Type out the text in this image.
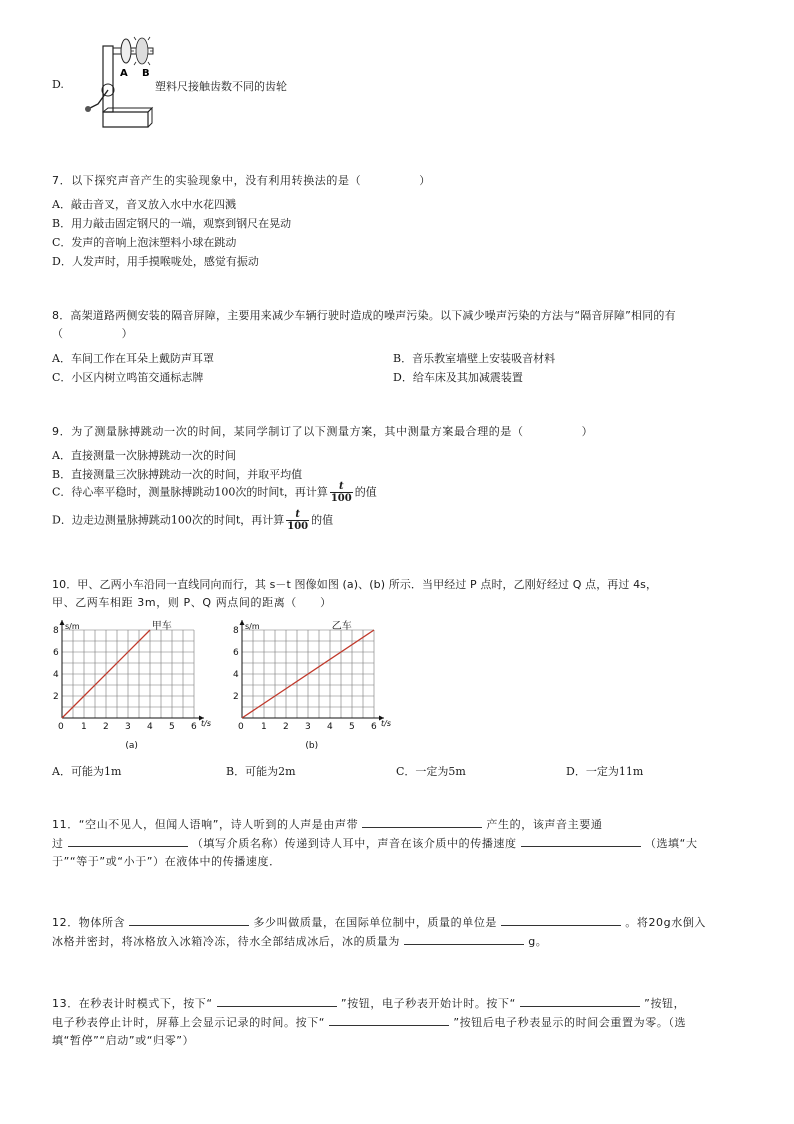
D.
A B
塑料尺接触齿数不同的齿轮
7．以下探究声音产生的实验现象中，没有利用转换法的是（　　　　　）
A．敲击音叉，音叉放入水中水花四溅
B．用力敲击固定钢尺的一端，观察到钢尺在晃动
C．发声的音响上泡沫塑料小球在跳动
D．人发声时，用手摸喉咙处，感觉有振动
8．高架道路两侧安装的隔音屏障，主要用来减少车辆行驶时造成的噪声污染。以下减少噪声污染的方法与“隔音屏障”相同的有
（　　　　　）
A．车间工作在耳朵上戴防声耳罩	B．音乐教室墙壁上安装吸音材料
C．小区内树立鸣笛交通标志牌	D．给车床及其加减震装置
9．为了测量脉搏跳动一次的时间，某同学制订了以下测量方案，其中测量方案最合理的是（　　　　　）
A．直接测量一次脉搏跳动一次的时间
B．直接测量三次脉搏跳动一次的时间，并取平均值
C．待心率平稳时，测量脉搏跳动100次的时间t，再计算 $\frac{t}{100}$ 的值
D．边走边测量脉搏跳动100次的时间t，再计算 $\frac{t}{100}$ 的值
10．甲、乙两小车沿同一直线同向而行，其 s－t 图像如图 (a)、(b) 所示．当甲经过 P 点时，乙刚好经过 Q 点，再过 4s，
甲、乙两车相距 3m，则 P、Q 两点间的距离（　　）
0 1 2 3 4 5 6
2
4
6
8 s/m
t/s
甲车
(a)
0 1 2 3 4 5 6
2
4
6
8 s/m
t/s
乙车
(b)
A．可能为1m	B．可能为2m	C．一定为5m	D．一定为11m
11．“空山不见人，但闻人语响”，诗人听到的人声是由声带	产生的，该声音主要通
过	（填写介质名称）传递到诗人耳中，声音在该介质中的传播速度	（选填“大
于”“等于”或“小于”）在液体中的传播速度．
12．物体所含	多少叫做质量，在国际单位制中，质量的单位是	。将20g水倒入
冰格并密封，将冰格放入冰箱冷冻，待水全部结成冰后，冰的质量为	g。
13．在秒表计时模式下，按下“	”按钮，电子秒表开始计时。按下“	”按钮，
电子秒表停止计时，屏幕上会显示记录的时间。按下“	”按钮后电子秒表显示的时间会重置为零。（选
填“暂停”“启动”或“归零”）
